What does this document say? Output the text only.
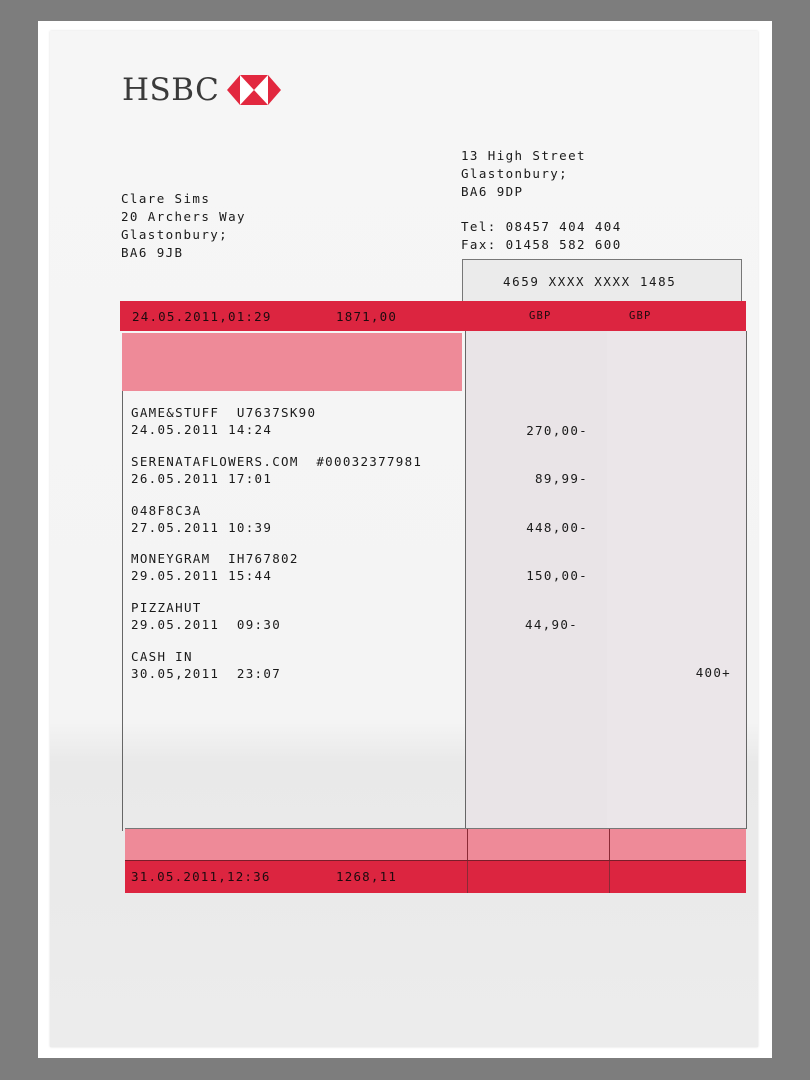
HSBC
Clare Sims
20 Archers Way
Glastonbury;
BA6 9JB
13 High Street
Glastonbury;
BA6 9DP
Tel: 08457 404 404
Fax: 01458 582 600
4659 XXXX XXXX 1485
24.05.2011,01:29	1871,00	GBP	GBP
GAME&STUFF  U7637SK90
24.05.2011 14:24	270,00-
SERENATAFLOWERS.COM  #00032377981
26.05.2011 17:01	89,99-
048F8C3A
27.05.2011 10:39	448,00-
MONEYGRAM  IH767802
29.05.2011 15:44	150,00-
PIZZAHUT
29.05.2011  09:30	44,90-
CASH IN
30.05,2011  23:07	400+
31.05.2011,12:36	1268,11
